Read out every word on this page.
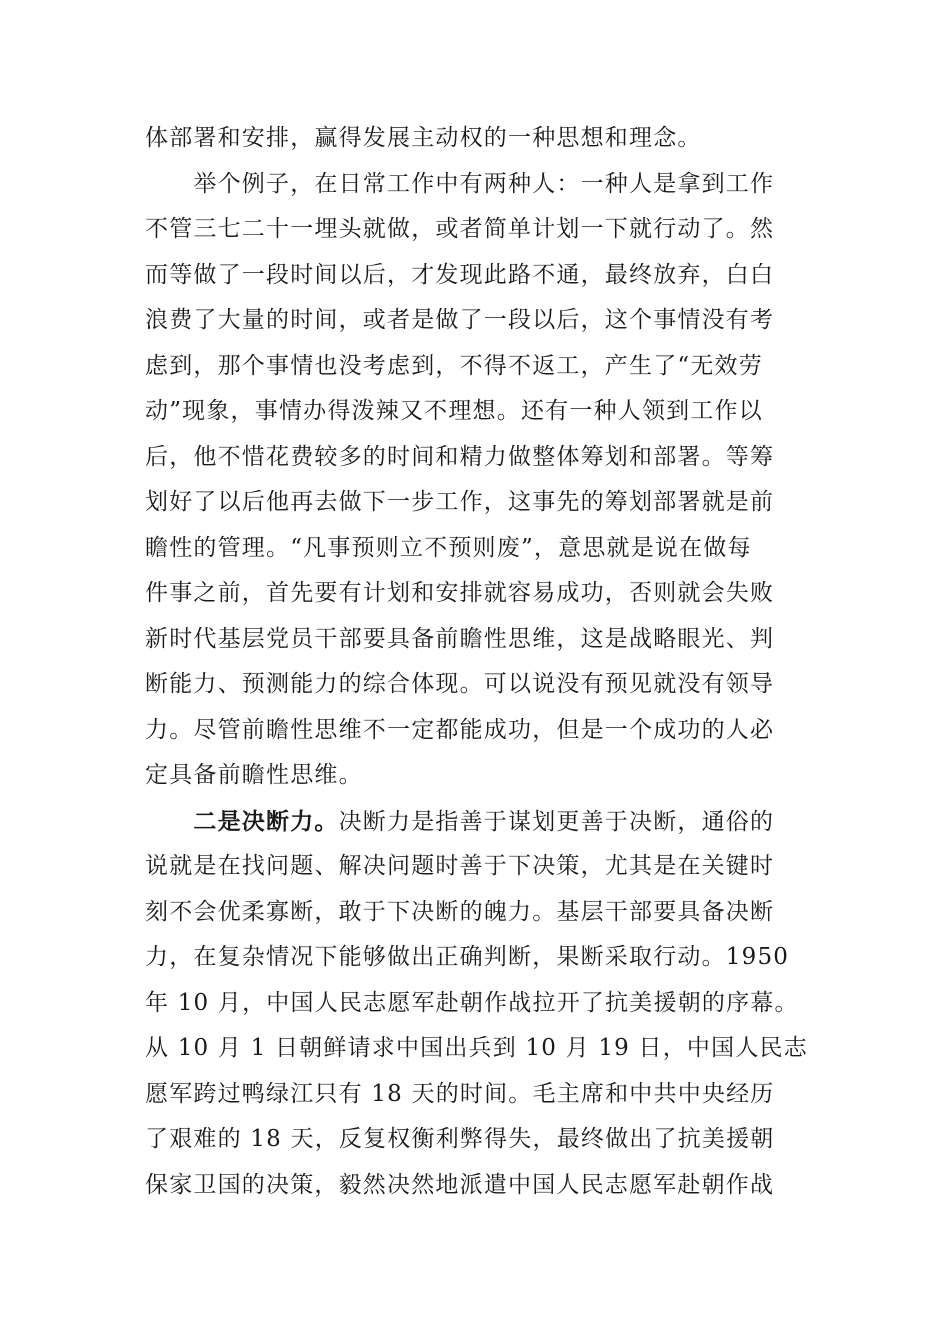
体部署和安排，赢得发展主动权的一种思想和理念。
　　举个例子，在日常工作中有两种人：一种人是拿到工作
不管三七二十一埋头就做，或者简单计划一下就行动了。然
而等做了一段时间以后，才发现此路不通，最终放弃，白白
浪费了大量的时间，或者是做了一段以后，这个事情没有考
虑到，那个事情也没考虑到，不得不返工，产生了“无效劳
动”现象，事情办得泼辣又不理想。还有一种人领到工作以
后，他不惜花费较多的时间和精力做整体筹划和部署。等筹
划好了以后他再去做下一步工作，这事先的筹划部署就是前
瞻性的管理。“凡事预则立不预则废”，意思就是说在做每
件事之前，首先要有计划和安排就容易成功，否则就会失败
新时代基层党员干部要具备前瞻性思维，这是战略眼光、判
断能力、预测能力的综合体现。可以说没有预见就没有领导
力。尽管前瞻性思维不一定都能成功，但是一个成功的人必
定具备前瞻性思维。
　　二是决断力。决断力是指善于谋划更善于决断，通俗的
说就是在找问题、解决问题时善于下决策，尤其是在关键时
刻不会优柔寡断，敢于下决断的魄力。基层干部要具备决断
力，在复杂情况下能够做出正确判断，果断采取行动。1950
年 10 月，中国人民志愿军赴朝作战拉开了抗美援朝的序幕。
从 10 月 1 日朝鲜请求中国出兵到 10 月 19 日，中国人民志
愿军跨过鸭绿江只有 18 天的时间。毛主席和中共中央经历
了艰难的 18 天，反复权衡利弊得失，最终做出了抗美援朝
保家卫国的决策，毅然决然地派遣中国人民志愿军赴朝作战
